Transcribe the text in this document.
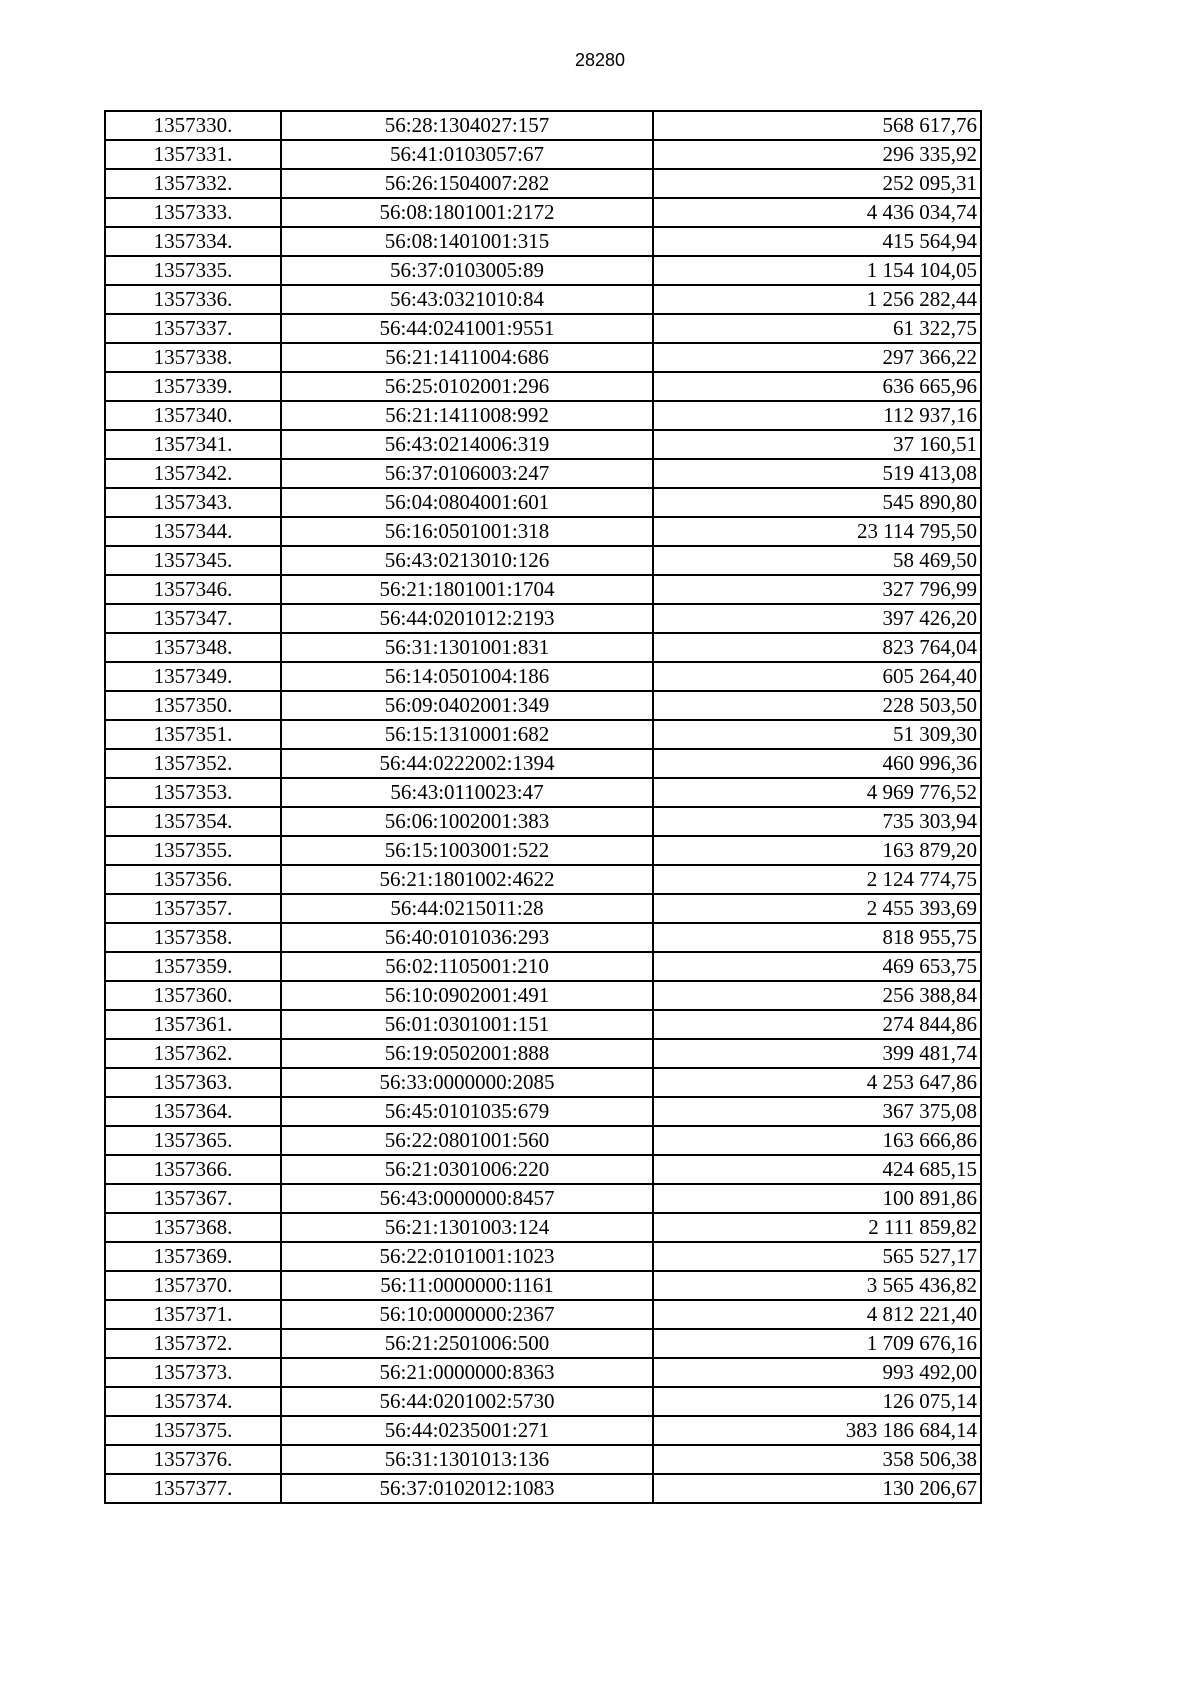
28280
1357330.	56:28:1304027:157	568 617,76
1357331.	56:41:0103057:67	296 335,92
1357332.	56:26:1504007:282	252 095,31
1357333.	56:08:1801001:2172	4 436 034,74
1357334.	56:08:1401001:315	415 564,94
1357335.	56:37:0103005:89	1 154 104,05
1357336.	56:43:0321010:84	1 256 282,44
1357337.	56:44:0241001:9551	61 322,75
1357338.	56:21:1411004:686	297 366,22
1357339.	56:25:0102001:296	636 665,96
1357340.	56:21:1411008:992	112 937,16
1357341.	56:43:0214006:319	37 160,51
1357342.	56:37:0106003:247	519 413,08
1357343.	56:04:0804001:601	545 890,80
1357344.	56:16:0501001:318	23 114 795,50
1357345.	56:43:0213010:126	58 469,50
1357346.	56:21:1801001:1704	327 796,99
1357347.	56:44:0201012:2193	397 426,20
1357348.	56:31:1301001:831	823 764,04
1357349.	56:14:0501004:186	605 264,40
1357350.	56:09:0402001:349	228 503,50
1357351.	56:15:1310001:682	51 309,30
1357352.	56:44:0222002:1394	460 996,36
1357353.	56:43:0110023:47	4 969 776,52
1357354.	56:06:1002001:383	735 303,94
1357355.	56:15:1003001:522	163 879,20
1357356.	56:21:1801002:4622	2 124 774,75
1357357.	56:44:0215011:28	2 455 393,69
1357358.	56:40:0101036:293	818 955,75
1357359.	56:02:1105001:210	469 653,75
1357360.	56:10:0902001:491	256 388,84
1357361.	56:01:0301001:151	274 844,86
1357362.	56:19:0502001:888	399 481,74
1357363.	56:33:0000000:2085	4 253 647,86
1357364.	56:45:0101035:679	367 375,08
1357365.	56:22:0801001:560	163 666,86
1357366.	56:21:0301006:220	424 685,15
1357367.	56:43:0000000:8457	100 891,86
1357368.	56:21:1301003:124	2 111 859,82
1357369.	56:22:0101001:1023	565 527,17
1357370.	56:11:0000000:1161	3 565 436,82
1357371.	56:10:0000000:2367	4 812 221,40
1357372.	56:21:2501006:500	1 709 676,16
1357373.	56:21:0000000:8363	993 492,00
1357374.	56:44:0201002:5730	126 075,14
1357375.	56:44:0235001:271	383 186 684,14
1357376.	56:31:1301013:136	358 506,38
1357377.	56:37:0102012:1083	130 206,67
